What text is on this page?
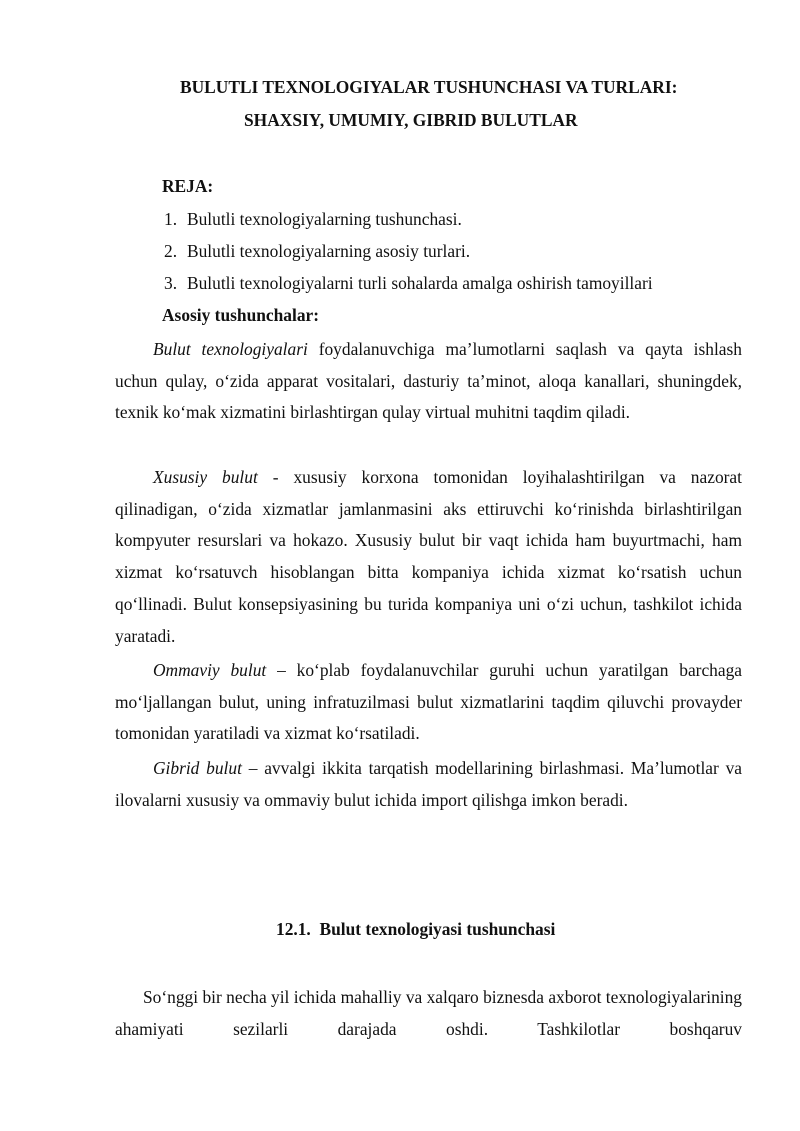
BULUTLI TEXNOLOGIYALAR TUSHUNCHASI VA TURLARI:
SHAXSIY, UMUMIY, GIBRID BULUTLAR
REJA:
1. Bulutli texnologiyalarning tushunchasi.
2. Bulutli texnologiyalarning asosiy turlari.
3. Bulutli texnologiyalarni turli sohalarda amalga oshirish tamoyillari
Asosiy tushunchalar:
Bulut texnologiyalari foydalanuvchiga ma’lumotlarni saqlash va qayta ishlash uchun qulay, o‘zida apparat vositalari, dasturiy ta’minot, aloqa kanallari, shuningdek, texnik ko‘mak xizmatini birlashtirgan qulay virtual muhitni taqdim qiladi.
Xususiy bulut - xususiy korxona tomonidan loyihalashtirilgan va nazorat qilinadigan, o‘zida xizmatlar jamlanmasini aks ettiruvchi ko‘rinishda birlashtirilgan kompyuter resurslari va hokazo. Xususiy bulut bir vaqt ichida ham buyurtmachi, ham xizmat ko‘rsatuvch hisoblangan bitta kompaniya ichida xizmat ko‘rsatish uchun qo‘llinadi. Bulut konsepsiyasining bu turida kompaniya uni o‘zi uchun, tashkilot ichida yaratadi.
Ommaviy bulut – ko‘plab foydalanuvchilar guruhi uchun yaratilgan barchaga mo‘ljallangan bulut, uning infratuzilmasi bulut xizmatlarini taqdim qiluvchi provayder tomonidan yaratiladi va xizmat ko‘rsatiladi.
Gibrid bulut – avvalgi ikkita tarqatish modellarining birlashmasi. Ma’lumotlar va ilovalarni xususiy va ommaviy bulut ichida import qilishga imkon beradi.
12.1. Bulut texnologiyasi tushunchasi
So‘nggi bir necha yil ichida mahalliy va xalqaro biznesda axborot texnologiyalarining ahamiyati sezilarli darajada oshdi. Tashkilotlar boshqaruv
